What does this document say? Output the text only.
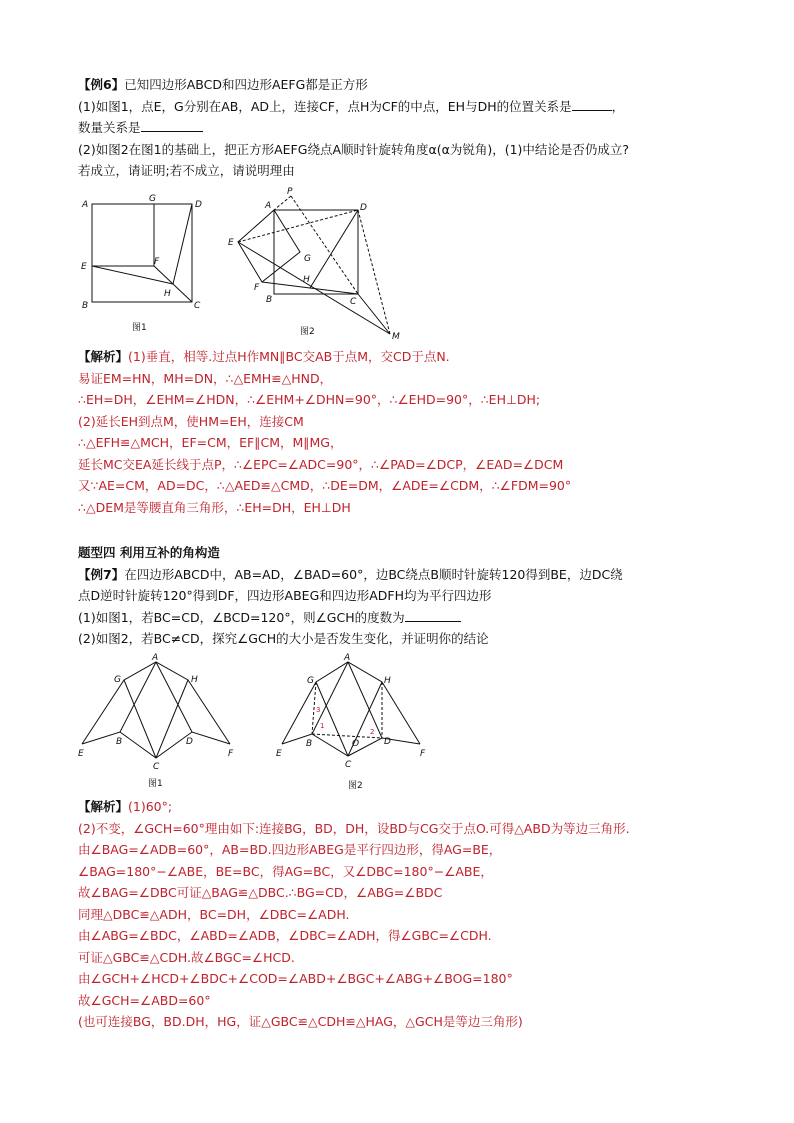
【例6】已知四边形ABCD和四边形AEFG都是正方形
(1)如图1，点E，G分别在AB，AD上，连接CF，点H为CF的中点，EH与DH的位置关系是	，
数量关系是
(2)如图2在图1的基础上，把正方形AEFG绕点A顺时针旋转角度α(α为锐角)，(1)中结论是否仍成立?
若成立，请证明;若不成立，请说明理由
A
G
D
E	F
H
B	C
图1
P
A	D
E
G
H
F
B	C
M
图2
【解析】(1)垂直，相等.过点H作MN∥BC交AB于点M，交CD于点N.
易证EM=HN，MH=DN，∴△EMH≌△HND，
∴EH=DH，∠EHM=∠HDN，∴∠EHM+∠DHN=90°，∴∠EHD=90°，∴EH⊥DH;
(2)延长EH到点M，使HM=EH，连接CM
∴△EFH≌△MCH，EF=CM，EF∥CM，M∥MG，
延长MC交EA延长线于点P，∴∠EPC=∠ADC=90°，∴∠PAD=∠DCP，∠EAD=∠DCM
又∵AE=CM，AD=DC，∴△AED≌△CMD，∴DE=DM，∠ADE=∠CDM，∴∠FDM=90°
∴△DEM是等腰直角三角形，∴EH=DH，EH⊥DH
题型四 利用互补的角构造
【例7】在四边形ABCD中，AB=AD，∠BAD=60°，边BC绕点B顺时针旋转120得到BE，边DC绕
点D逆时针旋转120°得到DF，四边形ABEG和四边形ADFH均为平行四边形
(1)如图1，若BC=CD，∠BCD=120°，则∠GCH的度数为
(2)如图2，若BC≠CD，探究∠GCH的大小是否发生变化，并证明你的结论
A
G	H
B	D
E	F
C
图1
3
1
2
A
G	H
B	D
O
E	F
C
图2
【解析】(1)60°;
(2)不变，∠GCH=60°理由如下:连接BG，BD，DH，设BD与CG交于点O.可得△ABD为等边三角形.
由∠BAG=∠ADB=60°，AB=BD.四边形ABEG是平行四边形，得AG=BE，
∠BAG=180°−∠ABE，BE=BC，得AG=BC，又∠DBC=180°−∠ABE，
故∠BAG=∠DBC可证△BAG≌△DBC.∴BG=CD，∠ABG=∠BDC
同理△DBC≌△ADH，BC=DH，∠DBC=∠ADH.
由∠ABG=∠BDC，∠ABD=∠ADB，∠DBC=∠ADH，得∠GBC=∠CDH.
可证△GBC≌△CDH.故∠BGC=∠HCD.
由∠GCH+∠HCD+∠BDC+∠COD=∠ABD+∠BGC+∠ABG+∠BOG=180°
故∠GCH=∠ABD=60°
(也可连接BG，BD.DH，HG，证△GBC≌△CDH≌△HAG，△GCH是等边三角形)
